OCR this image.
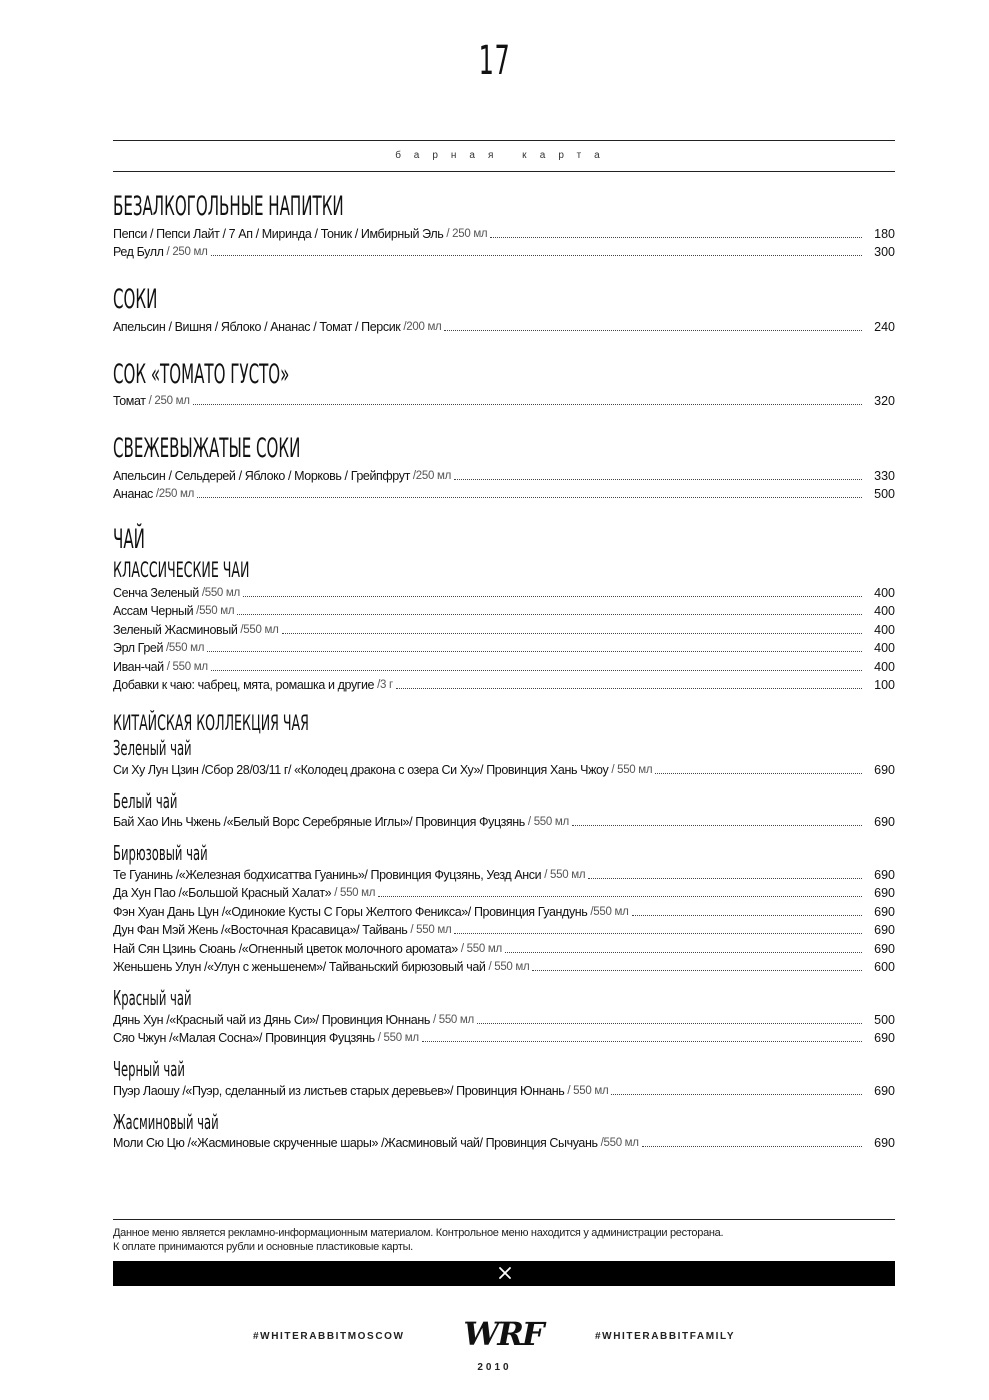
17
барная карта
БЕЗАЛКОГОЛЬНЫЕ НАПИТКИ
Пепси / Пепси Лайт / 7 Ап / Миринда / Тоник / Имбирный Эль / 250 мл	180
Ред Булл / 250 мл	300
СОКИ
Апельсин / Вишня / Яблоко / Ананас / Томат / Персик /200 мл	240
СОК «ТОМАТО ГУСТО»
Томат / 250 мл	320
СВЕЖЕВЫЖАТЫЕ СОКИ
Апельсин / Сельдерей / Яблоко / Морковь / Грейпфрут /250 мл	330
Ананас /250 мл	500
ЧАЙ
КЛАССИЧЕСКИЕ ЧАИ
Сенча Зеленый /550 мл	400
Ассам Черный /550 мл	400
Зеленый Жасминовый /550 мл	400
Эрл Грей /550 мл	400
Иван-чай / 550 мл	400
Добавки к чаю: чабрец, мята, ромашка и другие /3 г	100
КИТАЙСКАЯ КОЛЛЕКЦИЯ ЧАЯ
Зеленый чай
Си Ху Лун Цзин /Сбор 28/03/11 г/ «Колодец дракона с озера Си Ху»/ Провинция Хань Чжоу / 550 мл	690
Белый чай
Бай Хао Инь Чжень /«Белый Ворс Серебряные Иглы»/ Провинция Фуцзянь / 550 мл	690
Бирюзовый чай
Те Гуанинь /«Железная бодхисаттва Гуанинь»/ Провинция Фуцзянь, Уезд Анси / 550 мл	690
Да Хун Пао /«Большой Красный Халат» / 550 мл	690
Фэн Хуан Дань Цун /«Одинокие Кусты С Горы Желтого Феникса»/ Провинция Гуандунь /550 мл	690
Дун Фан Мэй Жень /«Восточная Красавица»/ Тайвань / 550 мл	690
Най Сян Цзинь Сюань /«Огненный цветок молочного аромата» / 550 мл	690
Женьшень Улун /«Улун с женьшенем»/ Тайваньский бирюзовый чай / 550 мл	600
Красный чай
Дянь Хун /«Красный чай из Дянь Си»/ Провинция Юннань / 550 мл	500
Сяо Чжун /«Малая Сосна»/ Провинция Фуцзянь / 550 мл	690
Черный чай
Пуэр Лаошу /«Пуэр, сделанный из листьев старых деревьев»/ Провинция Юннань / 550 мл	690
Жасминовый чай
Моли Сю Цю /«Жасминовые скрученные шары» /Жасминовый чай/ Провинция Сычуань /550 мл	690
Данное меню является рекламно-информационным материалом. Контрольное меню находится у администрации ресторана.
К оплате принимаются рубли и основные пластиковые карты.
#WHITERABBITMOSCOW WRF	#WHITERABBITFAMILY
2010
